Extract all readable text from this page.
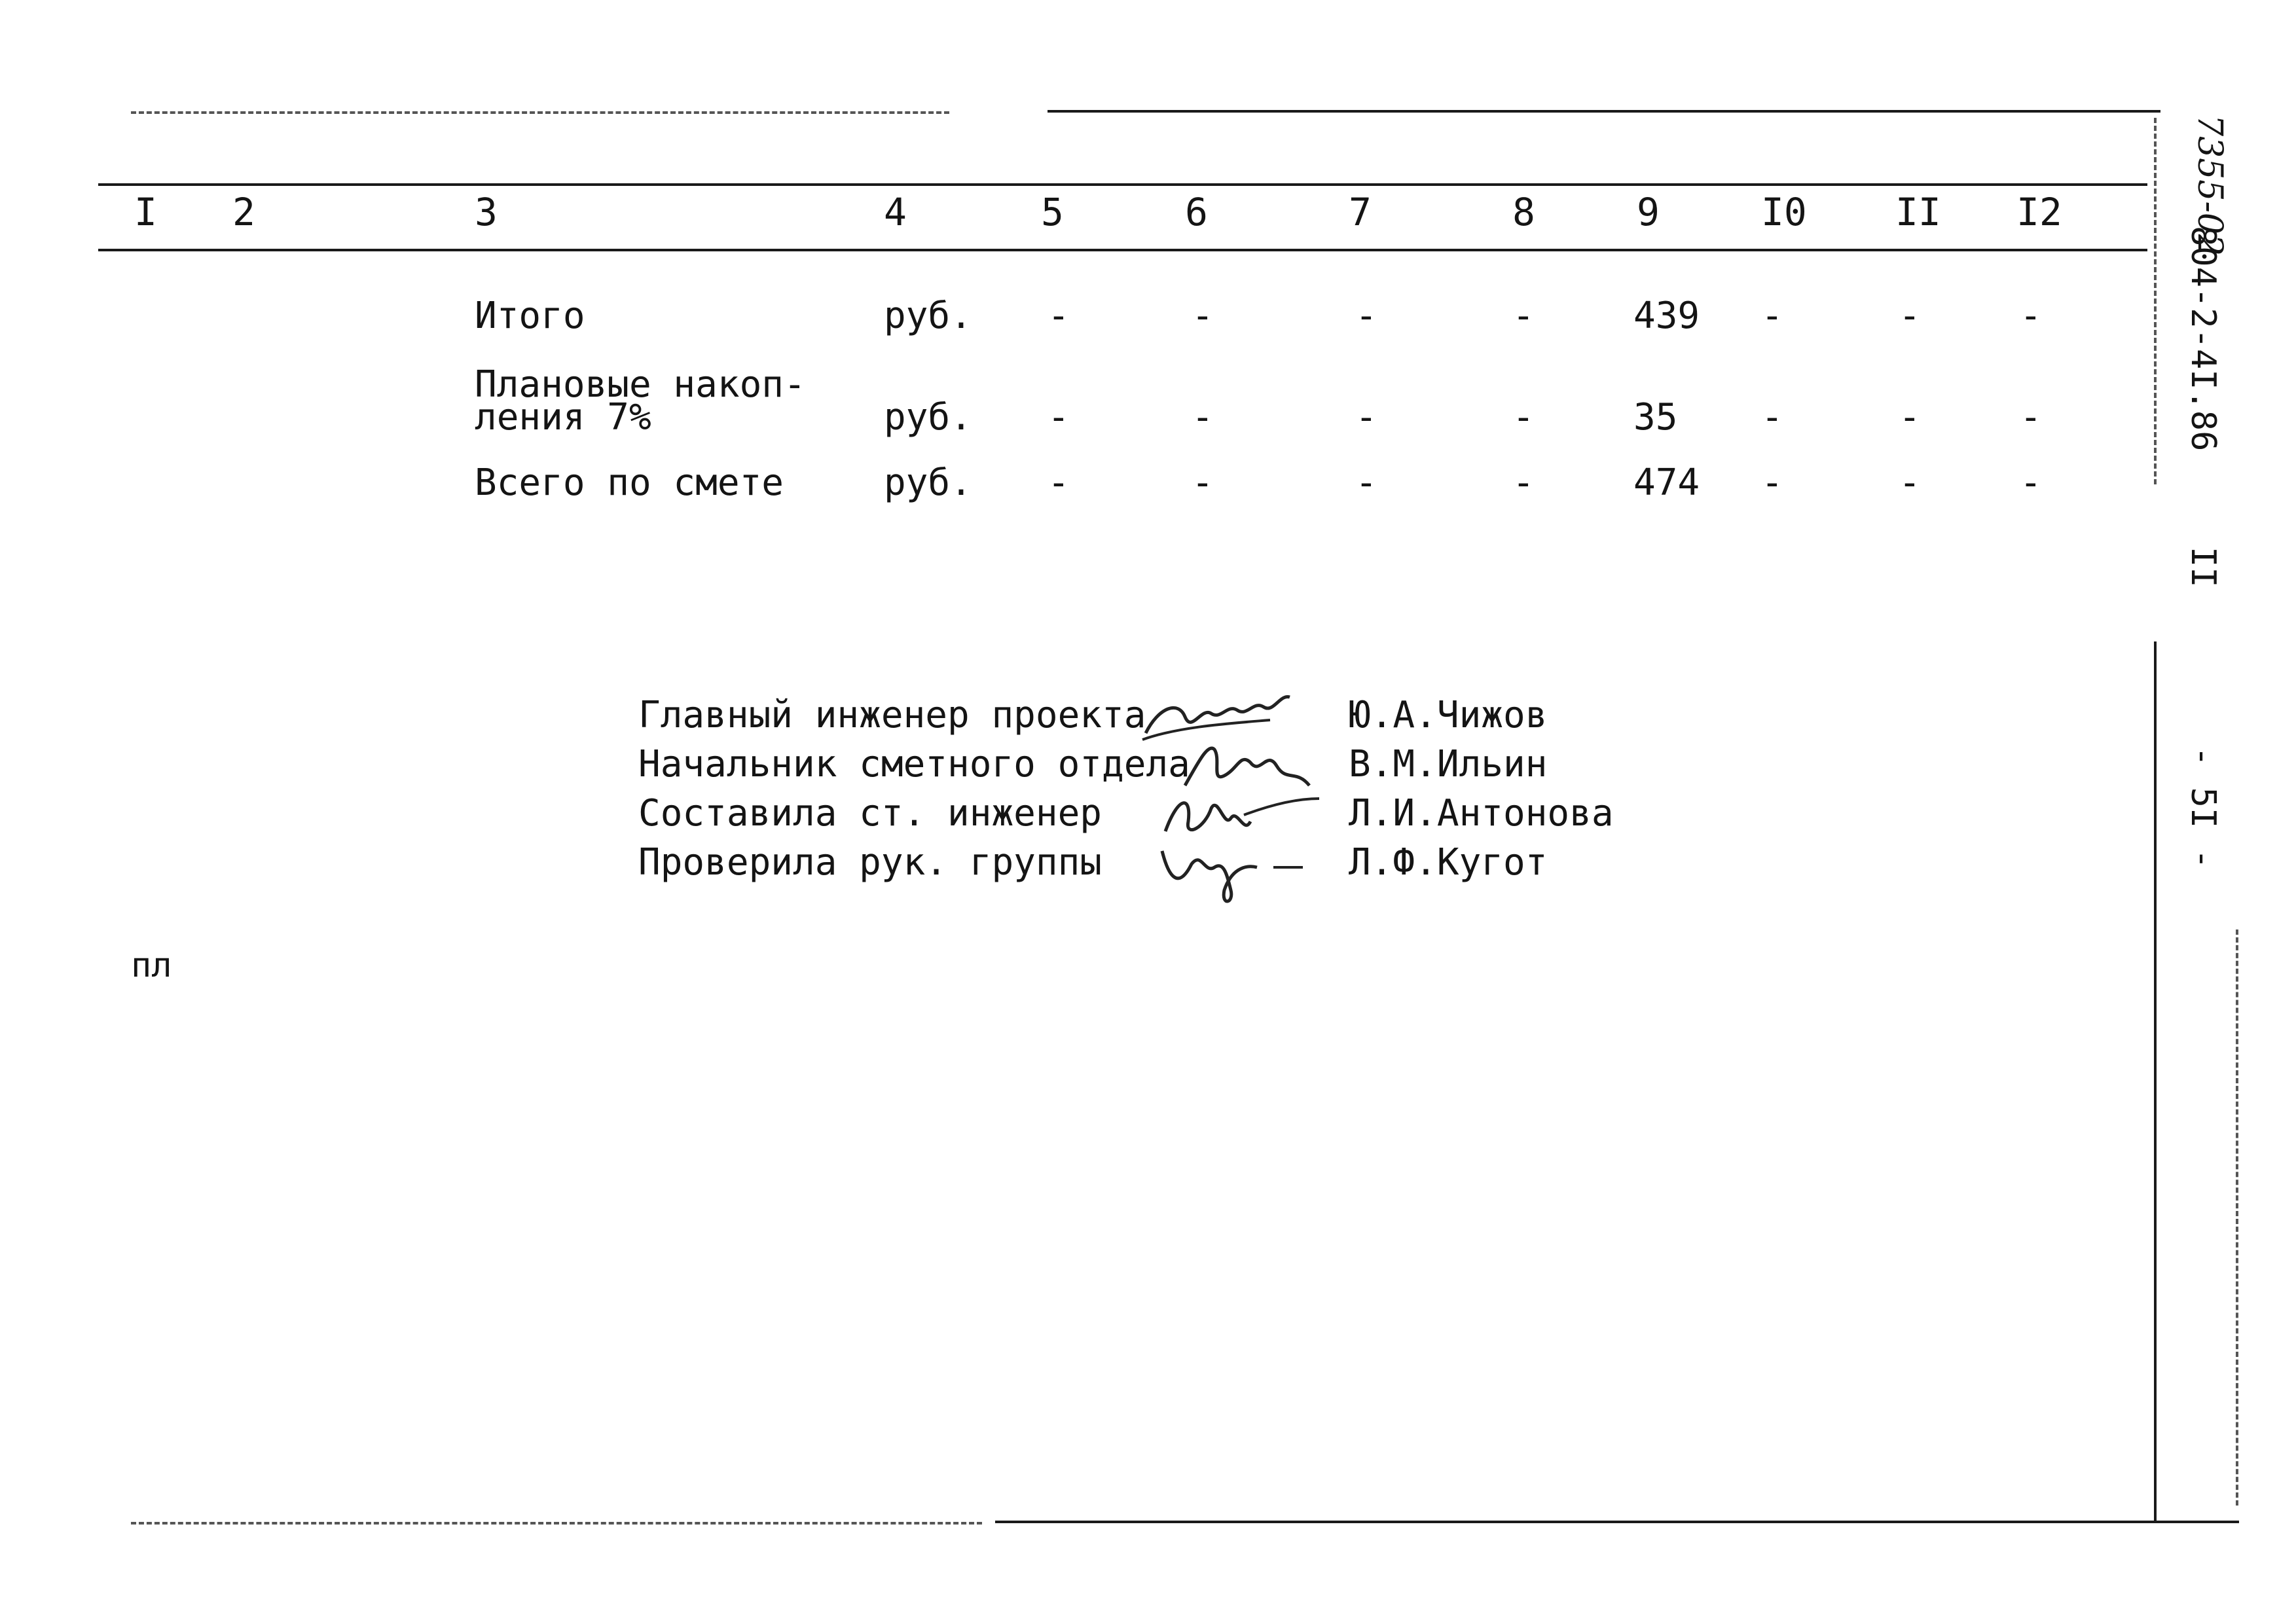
I 2	3	4	5	6	7	8	9	I0 II I2
Итого	руб. -	-	-	-	439 -	-	-
Плановые накоп-
ления 7%	руб. -	-	-	-	35 -	-	-
Всего по смете	руб. -	-	-	-	474 -	-	-
Главный инженер проекта
Начальник сметного отдела
Составила ст. инженер
Проверила рук. группы
Ю.А.Чижов
В.М.Ильин
Л.И.Антонова
Л.Ф.Кугот
пл
7355-02
804-2-4I.86
II
- 5I -
